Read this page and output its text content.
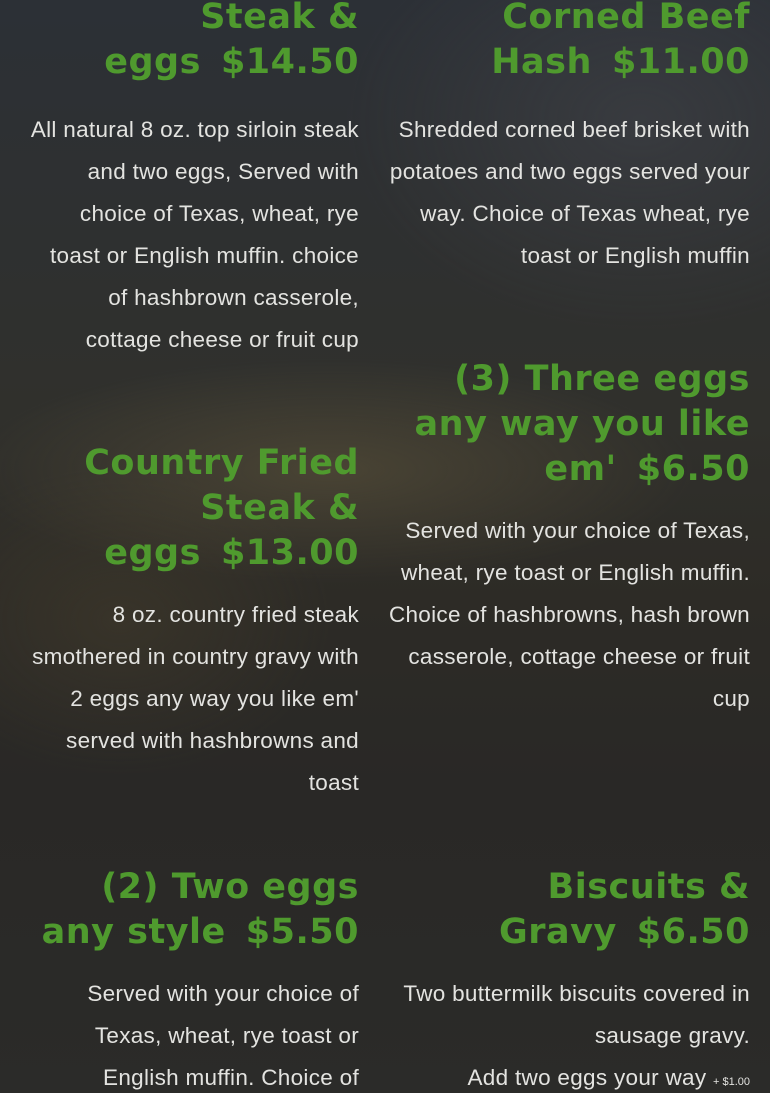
Steak & eggs $14.50

All natural 8 oz. top sirloin steak and two eggs, Served with choice of Texas, wheat, rye toast or English muffin. choice of hashbrown casserole, cottage cheese or fruit cup

Country Fried Steak & eggs $13.00

8 oz. country fried steak smothered in country gravy with 2 eggs any way you like em' served with hashbrowns and toast

(2) Two eggs any style $5.50

Served with your choice of Texas, wheat, rye toast or English muffin. Choice of

Corned Beef Hash $11.00

Shredded corned beef brisket with potatoes and two eggs served your way. Choice of Texas wheat, rye toast or English muffin

(3) Three eggs any way you like em' $6.50

Served with your choice of Texas, wheat, rye toast or English muffin. Choice of hashbrowns, hash brown casserole, cottage cheese or fruit cup

Biscuits & Gravy $6.50

Two buttermilk biscuits covered in sausage gravy.
Add two eggs your way + $1.00
